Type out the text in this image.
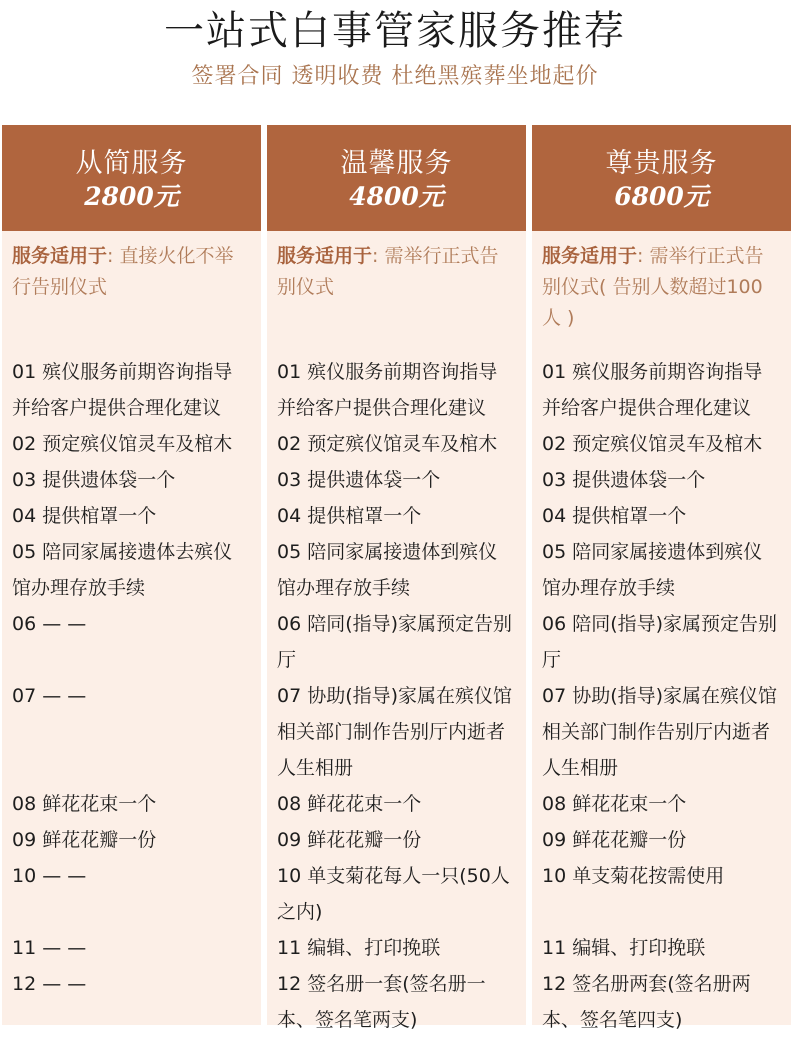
一站式白事管家服务推荐
签署合同 透明收费 杜绝黑殡葬坐地起价
从简服务
2800元
服务适用于: 直接火化不举行告别仪式
01 殡仪服务前期咨询指导并给客户提供合理化建议
02 预定殡仪馆灵车及棺木
03 提供遗体袋一个
04 提供棺罩一个
05 陪同家属接遗体去殡仪馆办理存放手续
06 — —
07 — —
08 鲜花花束一个
09 鲜花花瓣一份
10 — —
11 — —
12 — —
温馨服务
4800元
服务适用于: 需举行正式告别仪式
01 殡仪服务前期咨询指导并给客户提供合理化建议
02 预定殡仪馆灵车及棺木
03 提供遗体袋一个
04 提供棺罩一个
05 陪同家属接遗体到殡仪馆办理存放手续
06 陪同(指导)家属预定告别厅
07 协助(指导)家属在殡仪馆相关部门制作告别厅内逝者人生相册
08 鲜花花束一个
09 鲜花花瓣一份
10 单支菊花每人一只(50人之内)
11 编辑、打印挽联
12 签名册一套(签名册一本、签名笔两支)
尊贵服务
6800元
服务适用于: 需举行正式告别仪式( 告别人数超过100人 )
01 殡仪服务前期咨询指导并给客户提供合理化建议
02 预定殡仪馆灵车及棺木
03 提供遗体袋一个
04 提供棺罩一个
05 陪同家属接遗体到殡仪馆办理存放手续
06 陪同(指导)家属预定告别厅
07 协助(指导)家属在殡仪馆相关部门制作告别厅内逝者人生相册
08 鲜花花束一个
09 鲜花花瓣一份
10 单支菊花按需使用
11 编辑、打印挽联
12 签名册两套(签名册两本、签名笔四支)
